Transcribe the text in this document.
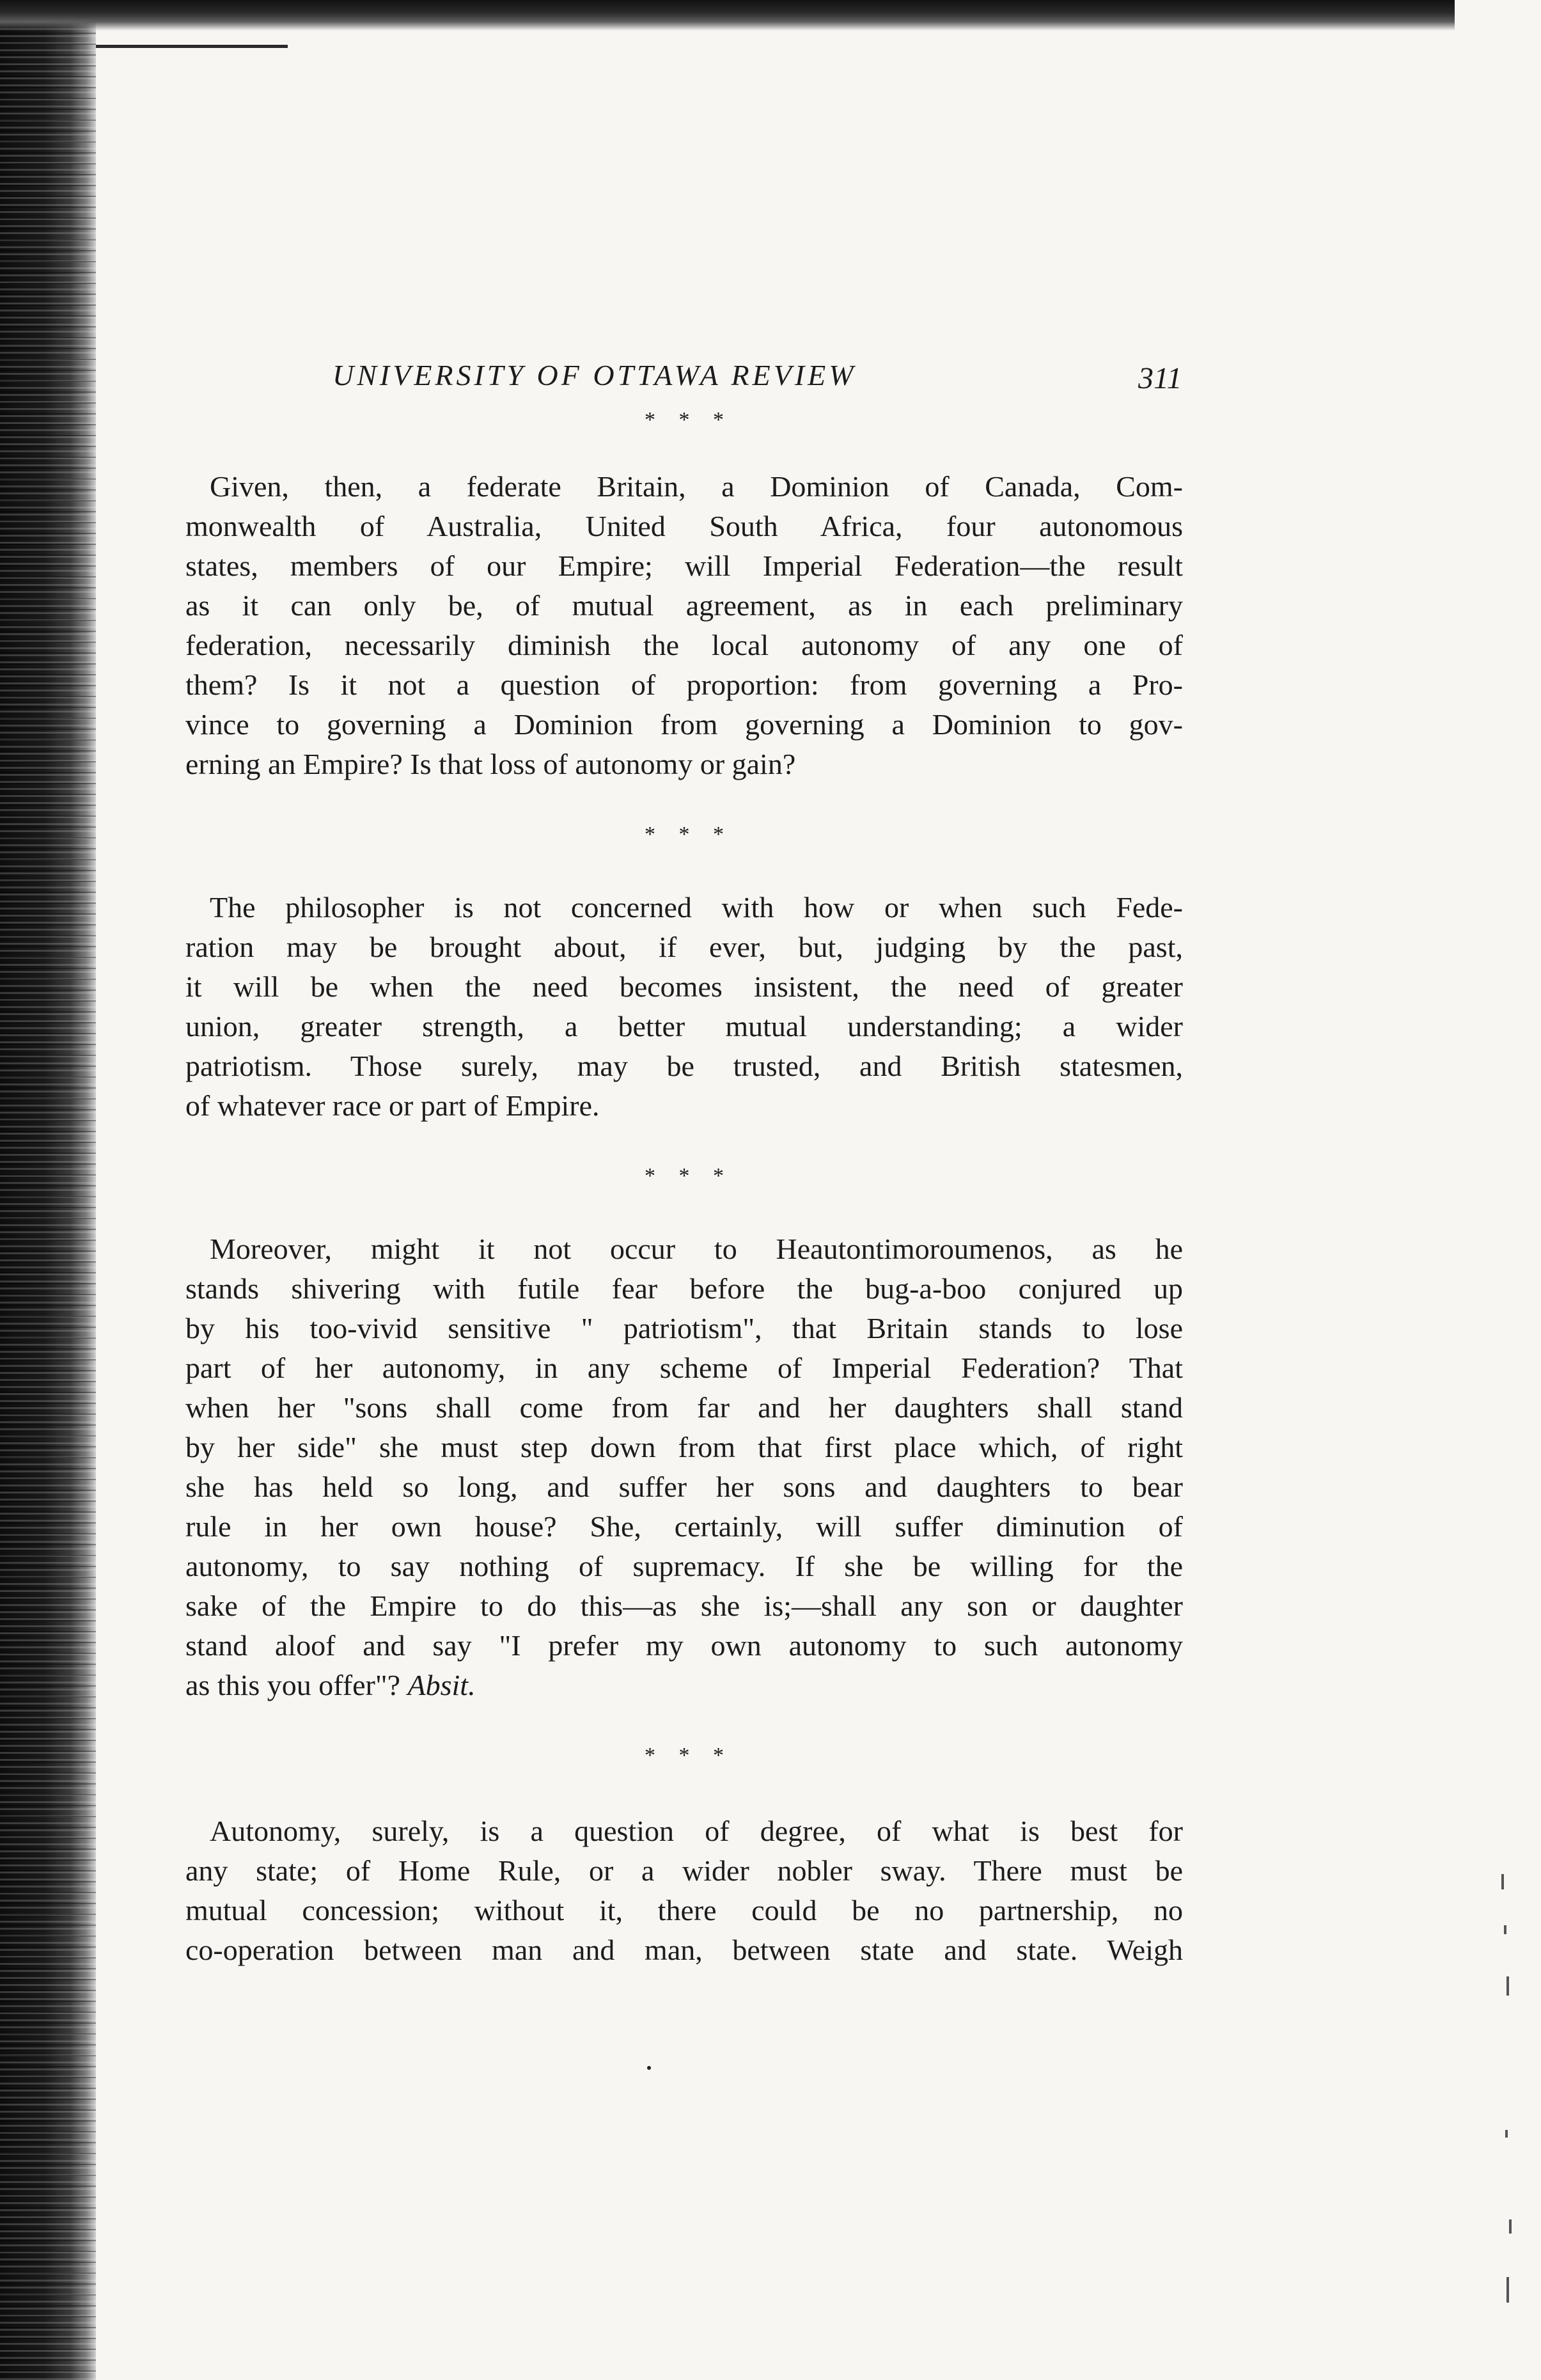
UNIVERSITY OF OTTAWA REVIEW	311
* * *

Given, then, a federate Britain, a Dominion of Canada, Com-
monwealth of Australia, United South Africa, four autonomous
states, members of our Empire; will Imperial Federation—the result
as it can only be, of mutual agreement, as in each preliminary
federation, necessarily diminish the local autonomy of any one of
them? Is it not a question of proportion: from governing a Pro-
vince to governing a Dominion from governing a Dominion to gov-
erning an Empire? Is that loss of autonomy or gain?

* * *

The philosopher is not concerned with how or when such Fede-
ration may be brought about, if ever, but, judging by the past,
it will be when the need becomes insistent, the need of greater
union, greater strength, a better mutual understanding; a wider
patriotism. Those surely, may be trusted, and British statesmen,
of whatever race or part of Empire.

* * *

Moreover, might it not occur to Heautontimoroumenos, as he
stands shivering with futile fear before the bug-a-boo conjured up
by his too-vivid sensitive " patriotism", that Britain stands to lose
part of her autonomy, in any scheme of Imperial Federation? That
when her "sons shall come from far and her daughters shall stand
by her side" she must step down from that first place which, of right
she has held so long, and suffer her sons and daughters to bear
rule in her own house? She, certainly, will suffer diminution of
autonomy, to say nothing of supremacy. If she be willing for the
sake of the Empire to do this—as she is;—shall any son or daughter
stand aloof and say "I prefer my own autonomy to such autonomy
as this you offer"? Absit.

* * *

Autonomy, surely, is a question of degree, of what is best for
any state; of Home Rule, or a wider nobler sway. There must be
mutual concession; without it, there could be no partnership, no
co-operation between man and man, between state and state. Weigh
